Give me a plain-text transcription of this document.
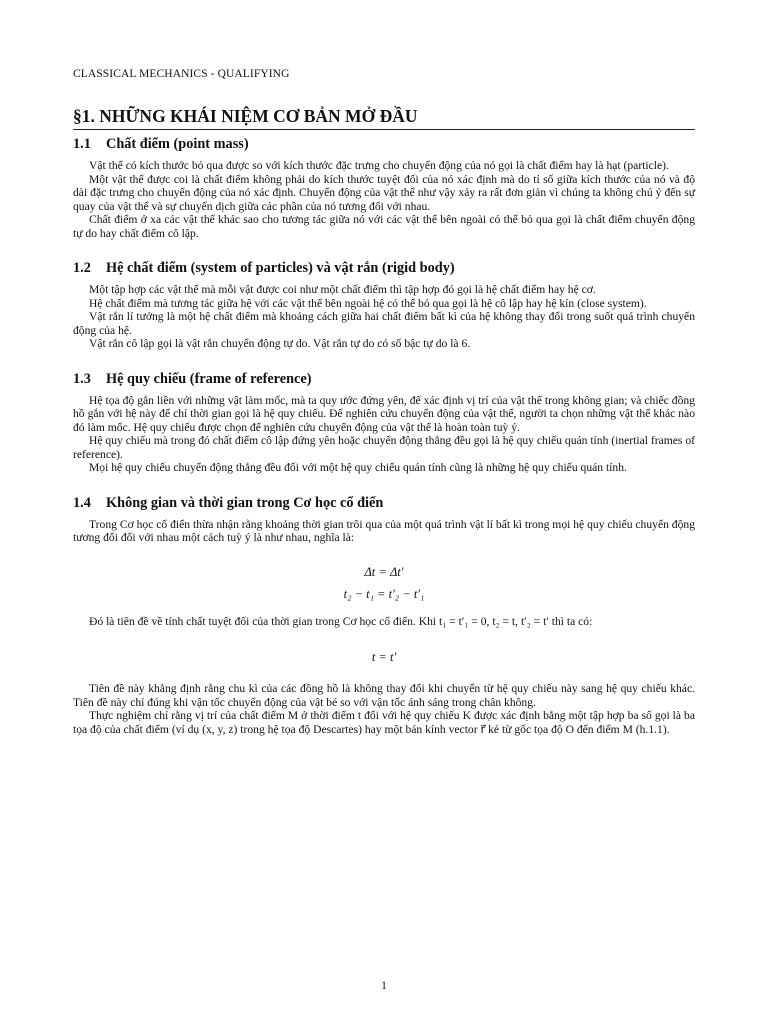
CLASSICAL MECHANICS - QUALIFYING
§1. NHỮNG KHÁI NIỆM CƠ BẢN MỞ ĐẦU
1.1 Chất điểm (point mass)

Vật thể có kích thước bỏ qua được so với kích thước đặc trưng cho chuyển động của nó gọi là chất điểm hay là hạt (particle).

Một vật thể được coi là chất điểm không phải do kích thước tuyệt đối của nó xác định mà do tỉ số giữa kích thước của nó và độ dài đặc trưng cho chuyển động của nó xác định. Chuyển động của vật thể như vậy xảy ra rất đơn giản vì chúng ta không chú ý đến sự quay của vật thể và sự chuyển dịch giữa các phần của nó tương đối với nhau.

Chất điểm ở xa các vật thể khác sao cho tương tác giữa nó với các vật thể bên ngoài có thể bỏ qua gọi là chất điểm chuyển động tự do hay chất điểm cô lập.

1.2 Hệ chất điểm (system of particles) và vật rắn (rigid body)

Một tập hợp các vật thể mà mỗi vật được coi như một chất điểm thì tập hợp đó gọi là hệ chất điểm hay hệ cơ.

Hệ chất điểm mà tương tác giữa hệ với các vật thể bên ngoài hệ có thể bỏ qua gọi là hệ cô lập hay hệ kín (close system).

Vật rắn lí tưởng là một hệ chất điểm mà khoảng cách giữa hai chất điểm bất kì của hệ không thay đổi trong suốt quá trình chuyển động của hệ.

Vật rắn cô lập gọi là vật rắn chuyển động tự do. Vật rắn tự do có số bậc tự do là 6.

1.3 Hệ quy chiếu (frame of reference)

Hệ tọa độ gắn liền với những vật làm mốc, mà ta quy ước đứng yên, để xác định vị trí của vật thể trong không gian; và chiếc đồng hồ gắn với hệ này để chỉ thời gian gọi là hệ quy chiếu. Để nghiên cứu chuyển động của vật thể, người ta chọn những vật thể khác nào đó làm mốc. Hệ quy chiếu được chọn để nghiên cứu chuyển động của vật thể là hoàn toàn tuỳ ý.

Hệ quy chiếu mà trong đó chất điểm cô lập đứng yên hoặc chuyển động thẳng đều gọi là hệ quy chiếu quán tính (inertial frames of reference).

Mọi hệ quy chiếu chuyển động thẳng đều đối với một hệ quy chiếu quán tính cũng là những hệ quy chiếu quán tính.

1.4 Không gian và thời gian trong Cơ học cổ điển

Trong Cơ học cổ điển thừa nhận rằng khoảng thời gian trôi qua của một quá trình vật lí bất kì trong mọi hệ quy chiếu chuyển động tương đối đối với nhau một cách tuỳ ý là như nhau, nghĩa là:

Δt = Δt′
t₂ − t₁ = t′₂ − t′₁

Đó là tiên đề về tính chất tuyệt đối của thời gian trong Cơ học cổ điển. Khi t₁ = t′₁ = 0, t₂ = t, t′₂ = t′ thì ta có:

t = t′

Tiên đề này khẳng định rằng chu kì của các đồng hồ là không thay đổi khi chuyển từ hệ quy chiếu này sang hệ quy chiếu khác. Tiên đề này chỉ đúng khi vận tốc chuyển động của vật bé so với vận tốc ánh sáng trong chân không.

Thực nghiệm chỉ rằng vị trí của chất điểm M ở thời điểm t đối với hệ quy chiếu K được xác định bằng một tập hợp ba số gọi là ba tọa độ của chất điểm (ví dụ (x, y, z) trong hệ tọa độ Descartes) hay một bán kính vector r⃗ kẻ từ gốc tọa độ O đến điểm M (h.1.1).

1
